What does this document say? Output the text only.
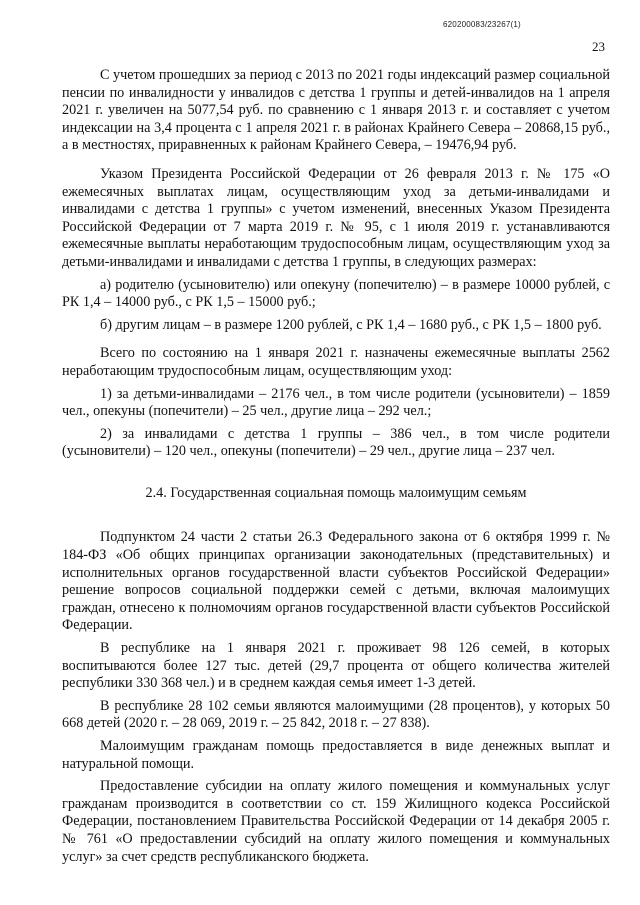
620200083/23267(1)
23

С учетом прошедших за период с 2013 по 2021 годы индексаций размер социальной пенсии по инвалидности у инвалидов с детства 1 группы и детей-инвалидов на 1 апреля 2021 г. увеличен на 5077,54 руб. по сравнению с 1 января 2013 г. и составляет с учетом индексации на 3,4 процента с 1 апреля 2021 г. в районах Крайнего Севера – 20868,15 руб., а в местностях, приравненных к районам Крайнего Севера, – 19476,94 руб.

Указом Президента Российской Федерации от 26 февраля 2013 г. № 175 «О ежемесячных выплатах лицам, осуществляющим уход за детьми-инвалидами и инвалидами с детства 1 группы» с учетом изменений, внесенных Указом Президента Российской Федерации от 7 марта 2019 г. № 95, с 1 июля 2019 г. устанавливаются ежемесячные выплаты неработающим трудоспособным лицам, осуществляющим уход за детьми-инвалидами и инвалидами с детства 1 группы, в следующих размерах:

а) родителю (усыновителю) или опекуну (попечителю) – в размере 10000 рублей, с РК 1,4 – 14000 руб., с РК 1,5 – 15000 руб.;

б) другим лицам – в размере 1200 рублей, с РК 1,4 – 1680 руб., с РК 1,5 – 1800 руб.

Всего по состоянию на 1 января 2021 г. назначены ежемесячные выплаты 2562 неработающим трудоспособным лицам, осуществляющим уход:

1) за детьми-инвалидами – 2176 чел., в том числе родители (усыновители) – 1859 чел., опекуны (попечители) – 25 чел., другие лица – 292 чел.;

2) за инвалидами с детства 1 группы – 386 чел., в том числе родители (усыновители) – 120 чел., опекуны (попечители) – 29 чел., другие лица – 237 чел.

2.4. Государственная социальная помощь малоимущим семьям

Подпунктом 24 части 2 статьи 26.3 Федерального закона от 6 октября 1999 г. № 184-ФЗ «Об общих принципах организации законодательных (представительных) и исполнительных органов государственной власти субъектов Российской Федерации» решение вопросов социальной поддержки семей с детьми, включая малоимущих граждан, отнесено к полномочиям органов государственной власти субъектов Российской Федерации.

В республике на 1 января 2021 г. проживает 98 126 семей, в которых воспитываются более 127 тыс. детей (29,7 процента от общего количества жителей республики 330 368 чел.) и в среднем каждая семья имеет 1-3 детей.

В республике 28 102 семьи являются малоимущими (28 процентов), у которых 50 668 детей (2020 г. – 28 069, 2019 г. – 25 842, 2018 г. – 27 838).

Малоимущим гражданам помощь предоставляется в виде денежных выплат и натуральной помощи.

Предоставление субсидии на оплату жилого помещения и коммунальных услуг гражданам производится в соответствии со ст. 159 Жилищного кодекса Российской Федерации, постановлением Правительства Российской Федерации от 14 декабря 2005 г. № 761 «О предоставлении субсидий на оплату жилого помещения и коммунальных услуг» за счет средств республиканского бюджета.
